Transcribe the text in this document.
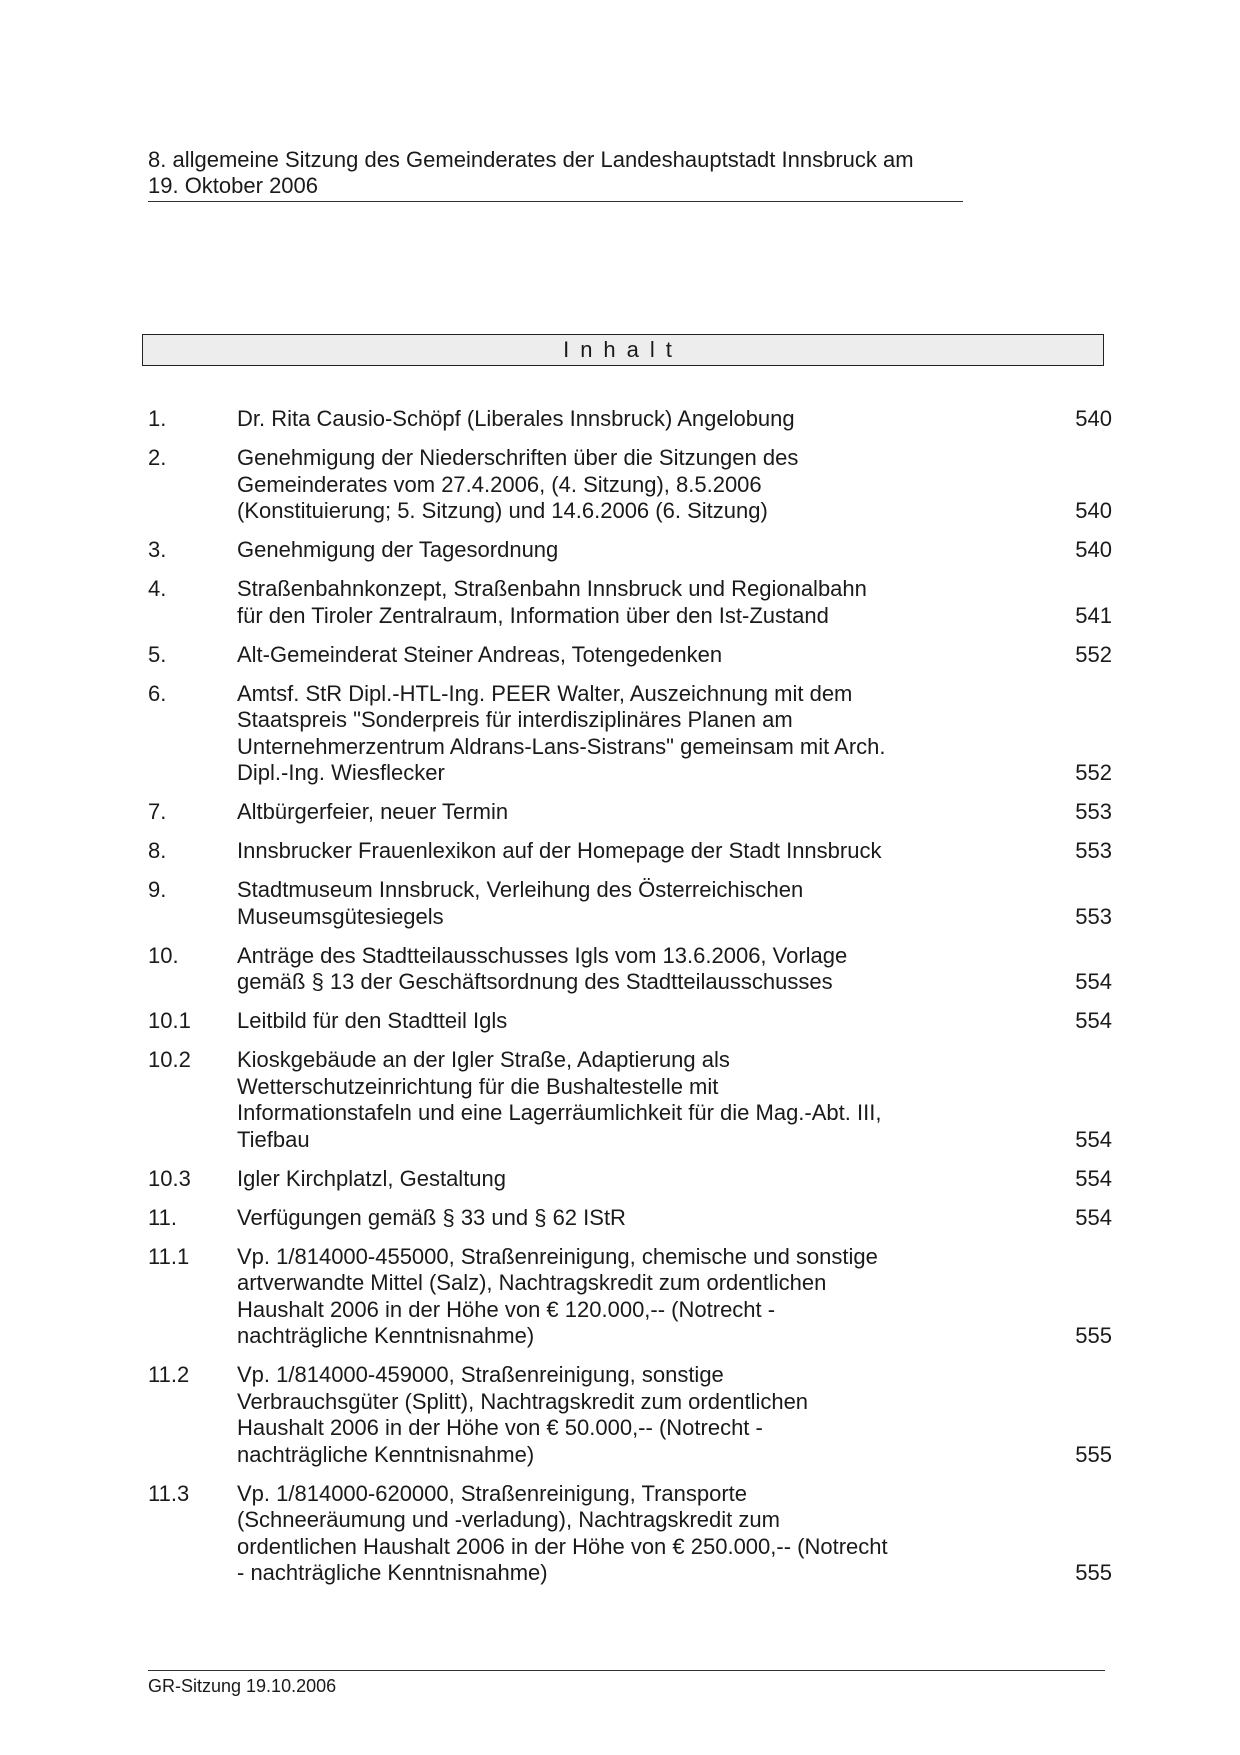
8. allgemeine Sitzung des Gemeinderates der Landeshauptstadt Innsbruck am
19. Oktober 2006
Inhalt
1.	Dr. Rita Causio-Schöpf (Liberales Innsbruck) Angelobung	540
2.	Genehmigung der Niederschriften über die Sitzungen des
Gemeinderates vom 27.4.2006, (4. Sitzung), 8.5.2006
(Konstituierung; 5. Sitzung) und 14.6.2006 (6. Sitzung)	540
3.	Genehmigung der Tagesordnung	540
4.	Straßenbahnkonzept, Straßenbahn Innsbruck und Regionalbahn
für den Tiroler Zentralraum, Information über den Ist-Zustand	541
5.	Alt-Gemeinderat Steiner Andreas, Totengedenken	552
6.	Amtsf. StR Dipl.-HTL-Ing. PEER Walter, Auszeichnung mit dem
Staatspreis "Sonderpreis für interdisziplinäres Planen am
Unternehmerzentrum Aldrans-Lans-Sistrans" gemeinsam mit Arch.
Dipl.-Ing. Wiesflecker	552
7.	Altbürgerfeier, neuer Termin	553
8.	Innsbrucker Frauenlexikon auf der Homepage der Stadt Innsbruck	553
9.	Stadtmuseum Innsbruck, Verleihung des Österreichischen
Museumsgütesiegels	553
10.	Anträge des Stadtteilausschusses Igls vom 13.6.2006, Vorlage
gemäß § 13 der Geschäftsordnung des Stadtteilausschusses	554
10.1	Leitbild für den Stadtteil Igls	554
10.2	Kioskgebäude an der Igler Straße, Adaptierung als
Wetterschutzeinrichtung für die Bushaltestelle mit
Informationstafeln und eine Lagerräumlichkeit für die Mag.-Abt. III,
Tiefbau	554
10.3	Igler Kirchplatzl, Gestaltung	554
11.	Verfügungen gemäß § 33 und § 62 IStR	554
11.1	Vp. 1/814000-455000, Straßenreinigung, chemische und sonstige
artverwandte Mittel (Salz), Nachtragskredit zum ordentlichen
Haushalt 2006 in der Höhe von € 120.000,-- (Notrecht -
nachträgliche Kenntnisnahme)	555
11.2	Vp. 1/814000-459000, Straßenreinigung, sonstige
Verbrauchsgüter (Splitt), Nachtragskredit zum ordentlichen
Haushalt 2006 in der Höhe von € 50.000,-- (Notrecht -
nachträgliche Kenntnisnahme)	555
11.3	Vp. 1/814000-620000, Straßenreinigung, Transporte
(Schneeräumung und -verladung), Nachtragskredit zum
ordentlichen Haushalt 2006 in der Höhe von € 250.000,-- (Notrecht
- nachträgliche Kenntnisnahme)	555
GR-Sitzung 19.10.2006
